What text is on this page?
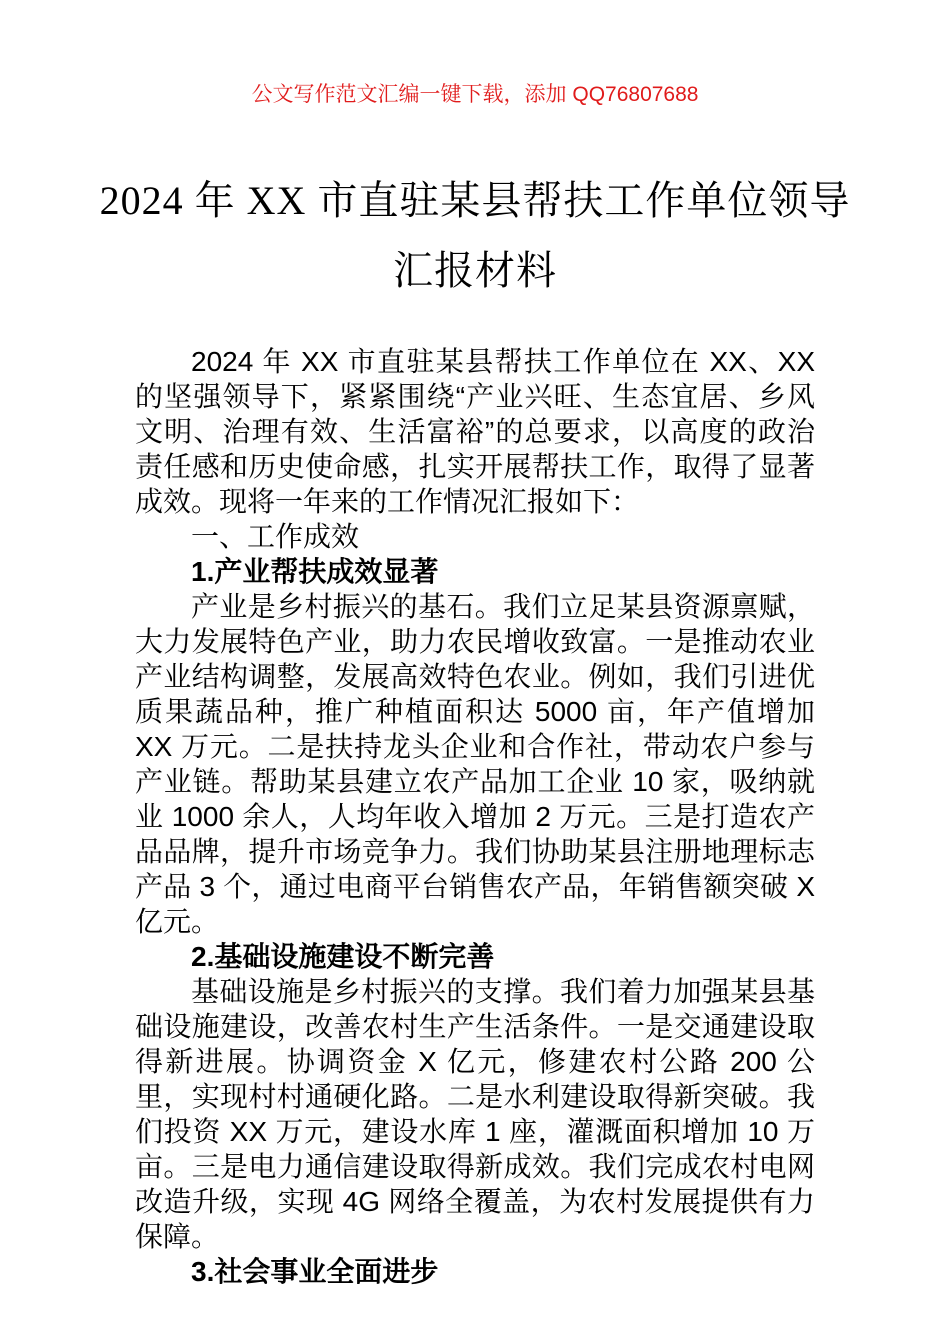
公文写作范文汇编一键下载，添加 QQ76807688
2024 年 XX 市直驻某县帮扶工作单位领导
汇报材料

2024 年 XX 市直驻某县帮扶工作单位在 XX、XX 的坚强领导下，紧紧围绕“产业兴旺、生态宜居、乡风文明、治理有效、生活富裕”的总要求，以高度的政治责任感和历史使命感，扎实开展帮扶工作，取得了显著成效。现将一年来的工作情况汇报如下：

一、工作成效

1.产业帮扶成效显著

产业是乡村振兴的基石。我们立足某县资源禀赋，大力发展特色产业，助力农民增收致富。一是推动农业产业结构调整，发展高效特色农业。例如，我们引进优质果蔬品种，推广种植面积达 5000 亩，年产值增加 XX 万元。二是扶持龙头企业和合作社，带动农户参与产业链。帮助某县建立农产品加工企业 10 家，吸纳就业 1000 余人，人均年收入增加 2 万元。三是打造农产品品牌，提升市场竞争力。我们协助某县注册地理标志产品 3 个，通过电商平台销售农产品，年销售额突破 X 亿元。

2.基础设施建设不断完善

基础设施是乡村振兴的支撑。我们着力加强某县基础设施建设，改善农村生产生活条件。一是交通建设取得新进展。协调资金 X 亿元，修建农村公路 200 公里，实现村村通硬化路。二是水利建设取得新突破。我们投资 XX 万元，建设水库 1 座，灌溉面积增加 10 万亩。三是电力通信建设取得新成效。我们完成农村电网改造升级，实现 4G 网络全覆盖，为农村发展提供有力保障。

3.社会事业全面进步
